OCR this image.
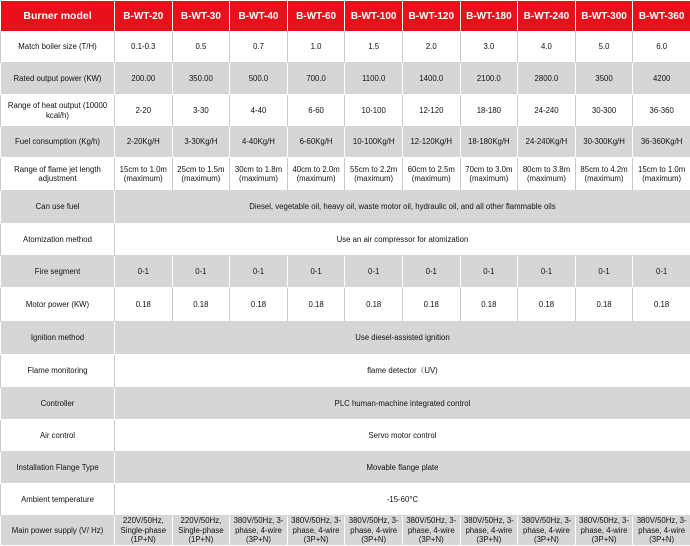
Burner model	B-WT-20	B-WT-30	B-WT-40	B-WT-60	B-WT-100	B-WT-120	B-WT-180	B-WT-240	B-WT-300	B-WT-360
Match boiler size (T/H)	0.1-0.3	0.5	0.7	1.0	1.5	2.0	3.0	4.0	5.0	6.0
Rated output power (KW)	200.00	350.00	500.0	700.0	1100.0	1400.0	2100.0	2800.0	3500	4200
Range of heat output (10000 kcal/h)	2-20	3-30	4-40	6-60	10-100	12-120	18-180	24-240	30-300	36-360
Fuel consumption (Kg/h)	2-20Kg/H	3-30Kg/H	4-40Kg/H	6-60Kg/H	10-100Kg/H	12-120Kg/H	18-180Kg/H	24-240Kg/H	30-300Kg/H	36-360Kg/H
Range of flame jet length adjustment	15cm to 1.0m (maximum)	25cm to 1.5m (maximum)	30cm to 1.8m (maximum)	40cm to 2.0m (maximum)	55cm to 2.2m (maximum)	60cm to 2.5m (maximum)	70cm to 3.0m (maximum)	80cm to 3.8m (maximum)	85cm to 4.2m (maximum)	15cm to 1.0m (maximum)
Can use fuel	Diesel, vegetable oil, heavy oil, waste motor oil, hydraulic oil, and all other flammable oils									
Atomization method	Use an air compressor for atomization									
Fire segment	0-1	0-1	0-1	0-1	0-1	0-1	0-1	0-1	0-1	0-1
Motor power (KW)	0.18	0.18	0.18	0.18	0.18	0.18	0.18	0.18	0.18	0.18
Ignition method	Use diesel-assisted ignition									
Flame monitoring	flame detector（UV)									
Controller	PLC human-machine integrated control									
Air control	Servo motor control									
Installation Flange Type	Movable flange plate									
Ambient temperature	-15-60°C									
Main power supply (V/ Hz)	220V/50Hz, Single-phase (1P+N)	220V/50Hz, Single-phase (1P+N)	380V/50Hz, 3-phase, 4-wire (3P+N)	380V/50Hz, 3-phase, 4-wire (3P+N)	380V/50Hz, 3-phase, 4-wire (3P+N)	380V/50Hz, 3-phase, 4-wire (3P+N)	380V/50Hz, 3-phase, 4-wire (3P+N)	380V/50Hz, 3-phase, 4-wire (3P+N)	380V/50Hz, 3-phase, 4-wire (3P+N)	380V/50Hz, 3-phase, 4-wire (3P+N)
